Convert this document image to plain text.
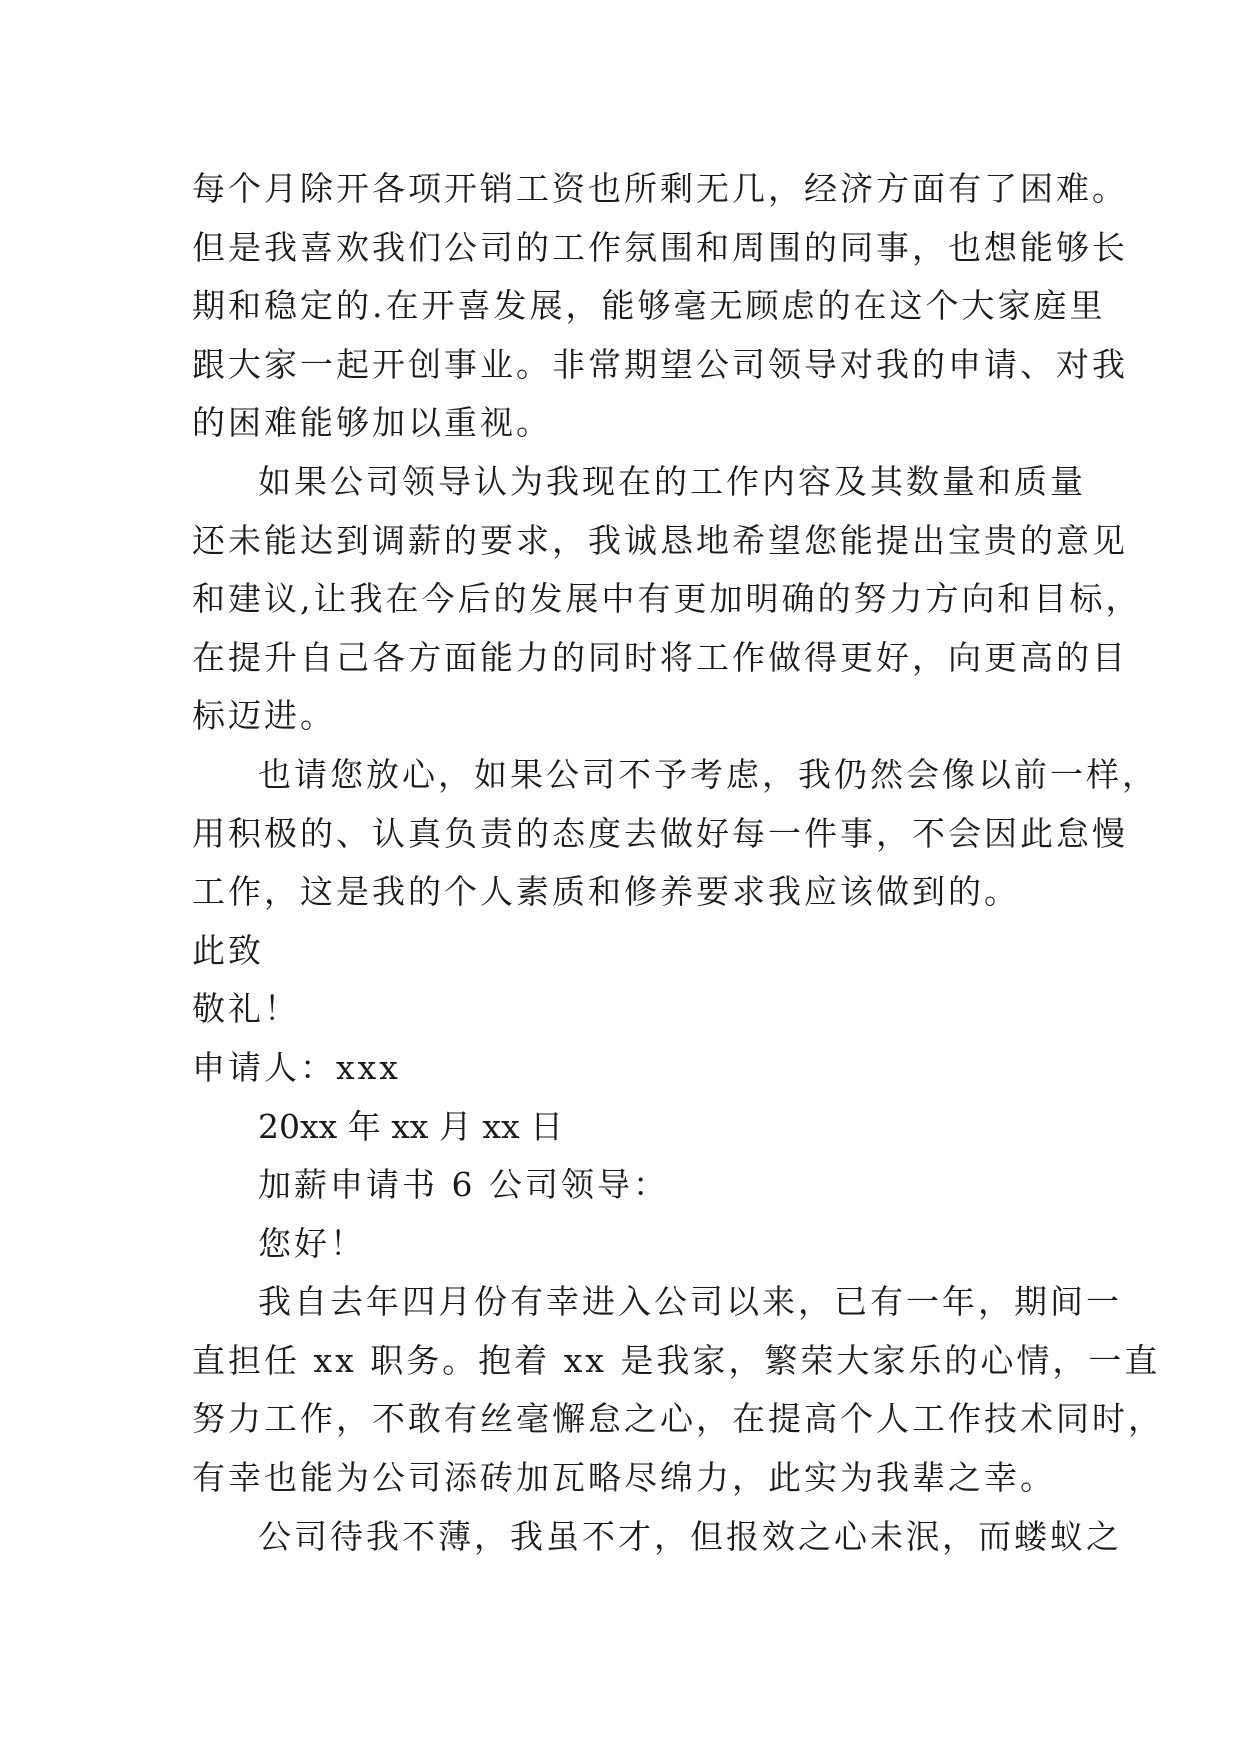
每个月除开各项开销工资也所剩无几，经济方面有了困难。
但是我喜欢我们公司的工作氛围和周围的同事，也想能够长
期和稳定的.在开喜发展，能够毫无顾虑的在这个大家庭里
跟大家一起开创事业。非常期望公司领导对我的申请、对我
的困难能够加以重视。
如果公司领导认为我现在的工作内容及其数量和质量
还未能达到调薪的要求，我诚恳地希望您能提出宝贵的意见
和建议,让我在今后的发展中有更加明确的努力方向和目标，
在提升自己各方面能力的同时将工作做得更好，向更高的目
标迈进。
也请您放心，如果公司不予考虑，我仍然会像以前一样，
用积极的、认真负责的态度去做好每一件事，不会因此怠慢
工作，这是我的个人素质和修养要求我应该做到的。
此致
敬礼！
申请人：xxx
20xx 年 xx 月 xx 日
加薪申请书 6 公司领导：
您好！
我自去年四月份有幸进入公司以来，已有一年，期间一
直担任 xx 职务。抱着 xx 是我家，繁荣大家乐的心情，一直
努力工作，不敢有丝毫懈怠之心，在提高个人工作技术同时，
有幸也能为公司添砖加瓦略尽绵力，此实为我辈之幸。
公司待我不薄，我虽不才，但报效之心未泯，而蝼蚁之
